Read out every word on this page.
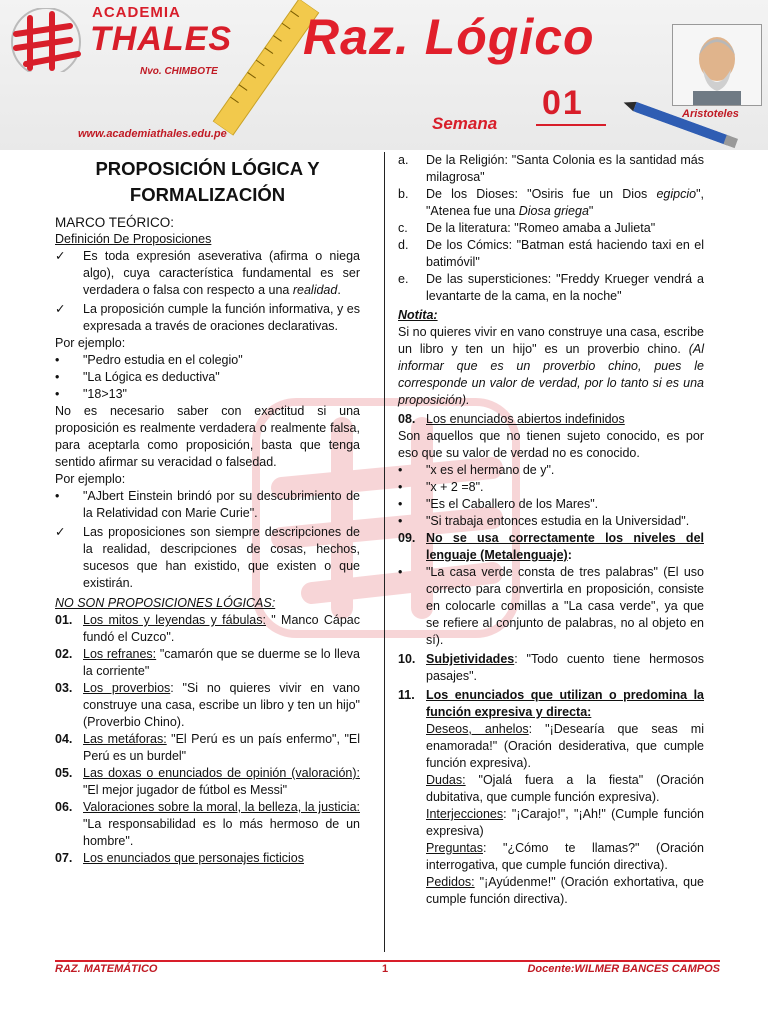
ACADEMIA
THALES
Nvo. CHIMBOTE
www.academiathales.edu.pe
Raz. Lógico
01
Semana	Aristoteles
PROPOSICIÓN LÓGICA Y
FORMALIZACIÓN

MARCO TEÓRICO:

Definición De Proposiciones

✓	Es toda expresión aseverativa (afirma o niega algo), cuya característica fundamental es ser verdadera o falsa con respecto a una realidad.
✓	La proposición cumple la función informativa, y es expresada a través de oraciones declarativas.

Por ejemplo:

•	"Pedro estudia en el colegio"
•	"La Lógica es deductiva"
•	"18>13"

No es necesario saber con exactitud si una proposición es realmente verdadera o realmente falsa, para aceptarla como proposición, basta que tenga sentido afirmar su veracidad o falsedad.

Por ejemplo:

•	"AJbert Einstein brindó por su descubrimiento de la Relatividad con Marie Curie".
✓	Las proposiciones son siempre descripciones de la realidad, descripciones de cosas, hechos, sucesos que han existido, que existen o que existirán.

NO SON PROPOSICIONES LÓGICAS:

01. Los mitos y leyendas y fábulas: " Manco Cápac fundó el Cuzco".
02. Los refranes: "camarón que se duerme se lo lleva la corriente"
03. Los proverbios: "Si no quieres vivir en vano construye una casa, escribe un libro y ten un hijo" (Proverbio Chino).
04. Las metáforas: "El Perú es un país enfermo", "El Perú es un burdel"
05. Las doxas o enunciados de opinión (valoración): "El mejor jugador de fútbol es Messi"
06. Valoraciones sobre la moral, la belleza, la justicia: "La responsabilidad es lo más hermoso de un hombre".
07. Los enunciados que personajes ficticios
a.	De la Religión: "Santa Colonia es la santidad más milagrosa"
b.	De los Dioses: "Osiris fue un Dios egipcio", "Atenea fue una Diosa griega"
c.	De la literatura: "Romeo amaba a Julieta"
d.	De los Cómics: "Batman está haciendo taxi en el batimóvil"
e.	De las supersticiones: "Freddy Krueger vendrá a levantarte de la cama, en la noche"

Notita:

Si no quieres vivir en vano construye una casa, escribe un libro y ten un hijo" es un proverbio chino. (Al informar que es un proverbio chino, pues le corresponde un valor de verdad, por lo tanto si es una proposición).

08. Los enunciados abiertos indefinidos

Son aquellos que no tienen sujeto conocido, es por eso que su valor de verdad no es conocido.

•	"x es el hermano de y".
•	"x + 2 =8".
•	"Es el Caballero de los Mares".
•	"Si trabaja entonces estudia en la Universidad".
09. No se usa correctamente los niveles del lenguaje (Metalenguaje):
•	"La casa verde consta de tres palabras" (El uso correcto para convertirla en proposición, consiste en colocarle comillas a "La casa verde", ya que se refiere al conjunto de palabras, no al objeto en sí).
10. Subjetividades: "Todo cuento tiene hermosos pasajes".
11. Los enunciados que utilizan o predomina la función expresiva y directa:

Deseos, anhelos: "¡Desearía que seas mi enamorada!" (Oración desiderativa, que cumple función expresiva).

Dudas: "Ojalá fuera a la fiesta" (Oración dubitativa, que cumple función expresiva).

Interjecciones: "¡Carajo!", "¡Ah!" (Cumple función expresiva)

Preguntas: "¿Cómo te llamas?" (Oración interrogativa, que cumple función directiva).

Pedidos: "¡Ayúdenme!" (Oración exhortativa, que cumple función directiva).

RAZ. MATEMÁTICO	1	Docente:WILMER BANCES CAMPOS
